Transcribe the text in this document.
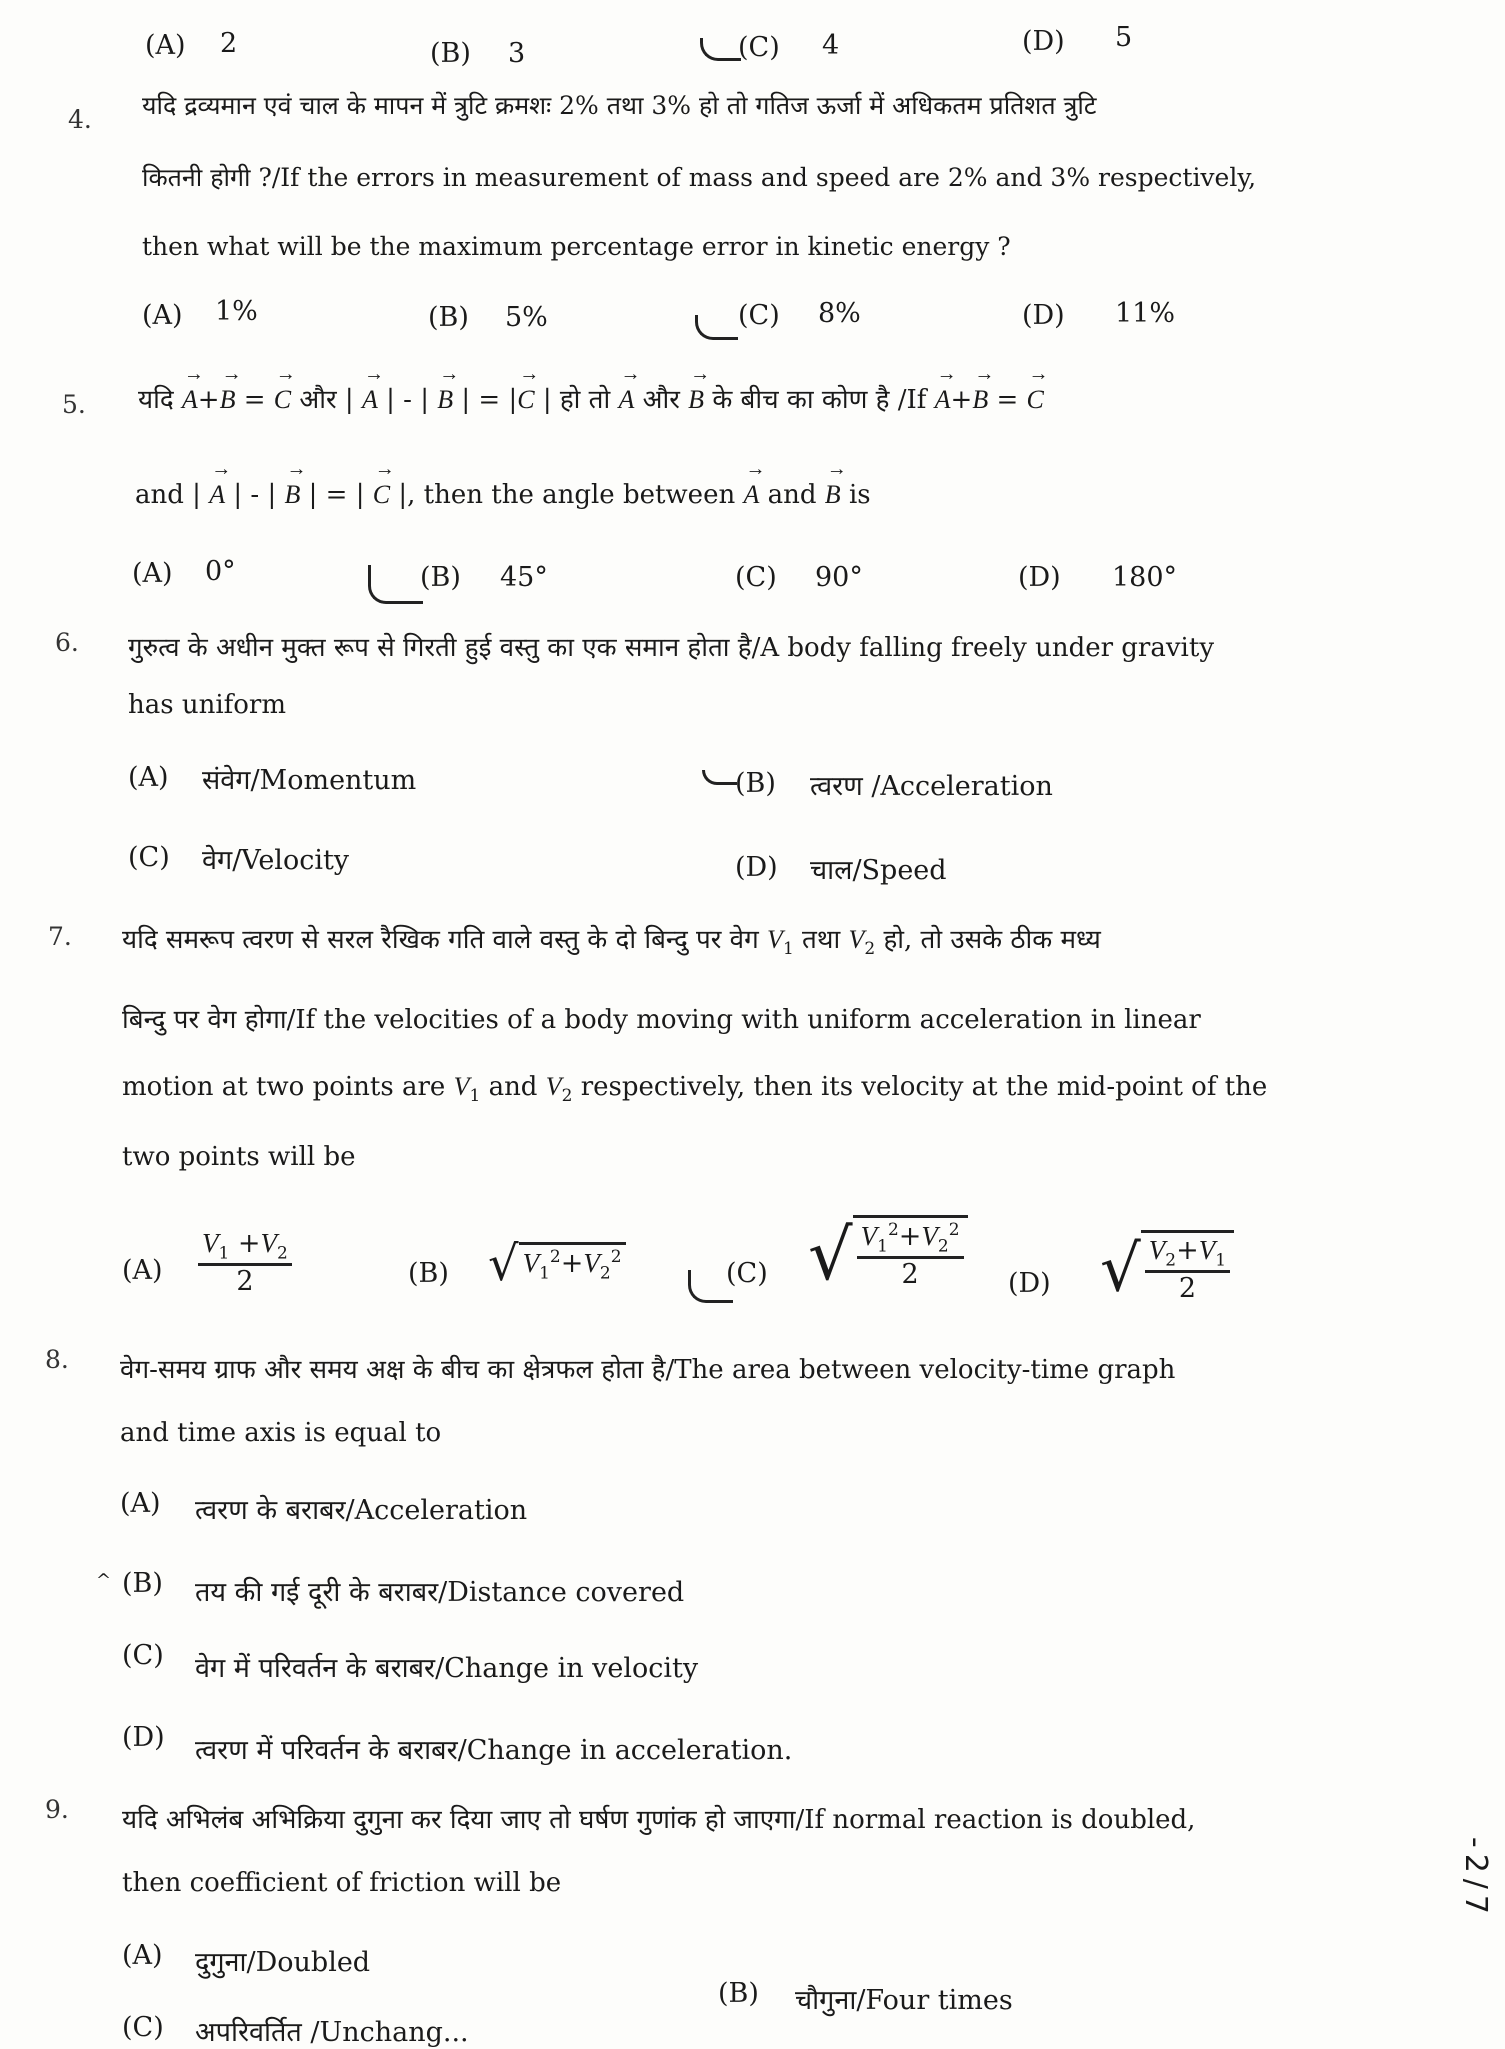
(A) 2	(B) 3	(C) 4	(D) 5
4. यदि द्रव्यमान एवं चाल के मापन में त्रुटि क्रमशः 2% तथा 3% हो तो गतिज ऊर्जा में अधिकतम प्रतिशत त्रुटि
कितनी होगी ?/If the errors in measurement of mass and speed are 2% and 3% respectively,
then what will be the maximum percentage error in kinetic energy ?
(A) 1%	(B) 5%	(C) 8%	(D) 11%
5. यदि → A+→ B = → C और | → A | - | → B | = |→ C | हो तो → A और → B के बीच का कोण है /If → A+→ B = → C
and | → A | - | → B | = | → C |, then the angle between → A and → B is
(A) 0°	(B) 45°	(C) 90°	(D) 180°
6. गुरुत्व के अधीन मुक्त रूप से गिरती हुई वस्तु का एक समान होता है/A body falling freely under gravity
has uniform
(A) संवेग/Momentum	(B) त्वरण /Acceleration
(C) वेग/Velocity	(D) चाल/Speed
7. यदि समरूप त्वरण से सरल रैखिक गति वाले वस्तु के दो बिन्दु पर वेग $V_1$ तथा $V_2$ हो, तो उसके ठीक मध्य
बिन्दु पर वेग होगा/If the velocities of a body moving with uniform acceleration in linear
motion at two points are $V_1$ and $V_2$ respectively, then its velocity at the mid-point of the
two points will be
$(A) \frac{V_1 +V_2}{2}$	(B) √ $V_1^2+V_2^2$
(C) √ $\frac{V_1^2+V_2^2}{2} (D)$ √ $\frac{V_2+V_1}{2}$
8. वेग-समय ग्राफ और समय अक्ष के बीच का क्षेत्रफल होता है/The area between velocity-time graph
and time axis is equal to
(A) त्वरण के बराबर/Acceleration
^ (B) तय की गई दूरी के बराबर/Distance covered
(C) वेग में परिवर्तन के बराबर/Change in velocity
(D) त्वरण में परिवर्तन के बराबर/Change in acceleration.
9. यदि अभिलंब अभिक्रिया दुगुना कर दिया जाए तो घर्षण गुणांक हो जाएगा/If normal reaction is doubled,
then coefficient of friction will be
(A) दुगुना/Doubled
(B) चौगुना/Four times
(C) अपरिवर्तित /Unchang...
-2/7
